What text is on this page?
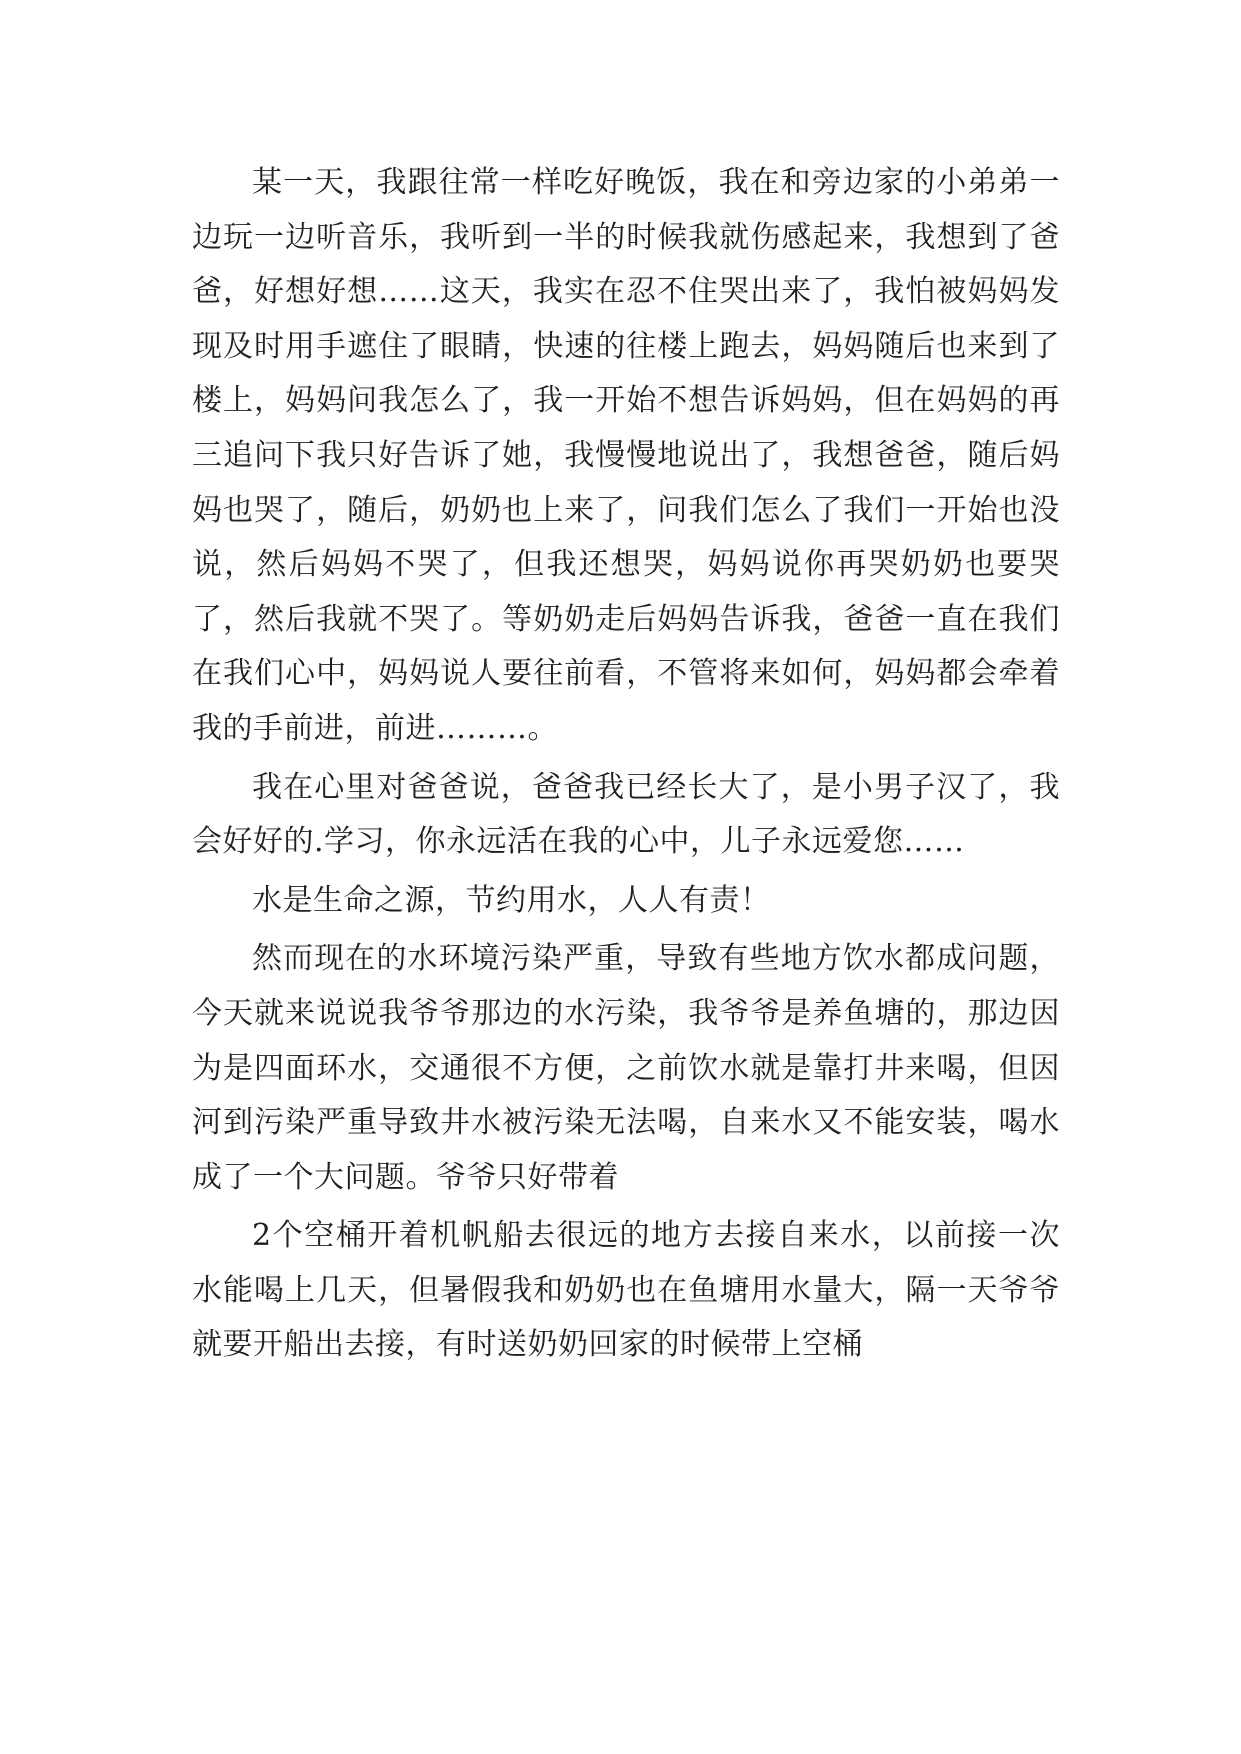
某一天，我跟往常一样吃好晚饭，我在和旁边家的小弟弟一边玩一边听音乐，我听到一半的时候我就伤感起来，我想到了爸爸，好想好想……这天，我实在忍不住哭出来了，我怕被妈妈发现及时用手遮住了眼睛，快速的往楼上跑去，妈妈随后也来到了楼上，妈妈问我怎么了，我一开始不想告诉妈妈，但在妈妈的再三追问下我只好告诉了她，我慢慢地说出了，我想爸爸，随后妈妈也哭了，随后，奶奶也上来了，问我们怎么了我们一开始也没说，然后妈妈不哭了，但我还想哭，妈妈说你再哭奶奶也要哭了，然后我就不哭了。等奶奶走后妈妈告诉我，爸爸一直在我们在我们心中，妈妈说人要往前看，不管将来如何，妈妈都会牵着我的手前进，前进………。

我在心里对爸爸说，爸爸我已经长大了，是小男子汉了，我会好好的.学习，你永远活在我的心中，儿子永远爱您……

水是生命之源，节约用水，人人有责！

然而现在的水环境污染严重，导致有些地方饮水都成问题，今天就来说说我爷爷那边的水污染，我爷爷是养鱼塘的，那边因为是四面环水，交通很不方便，之前饮水就是靠打井来喝，但因河到污染严重导致井水被污染无法喝，自来水又不能安装，喝水成了一个大问题。爷爷只好带着

2个空桶开着机帆船去很远的地方去接自来水，以前接一次水能喝上几天，但暑假我和奶奶也在鱼塘用水量大，隔一天爷爷就要开船出去接，有时送奶奶回家的时候带上空桶
